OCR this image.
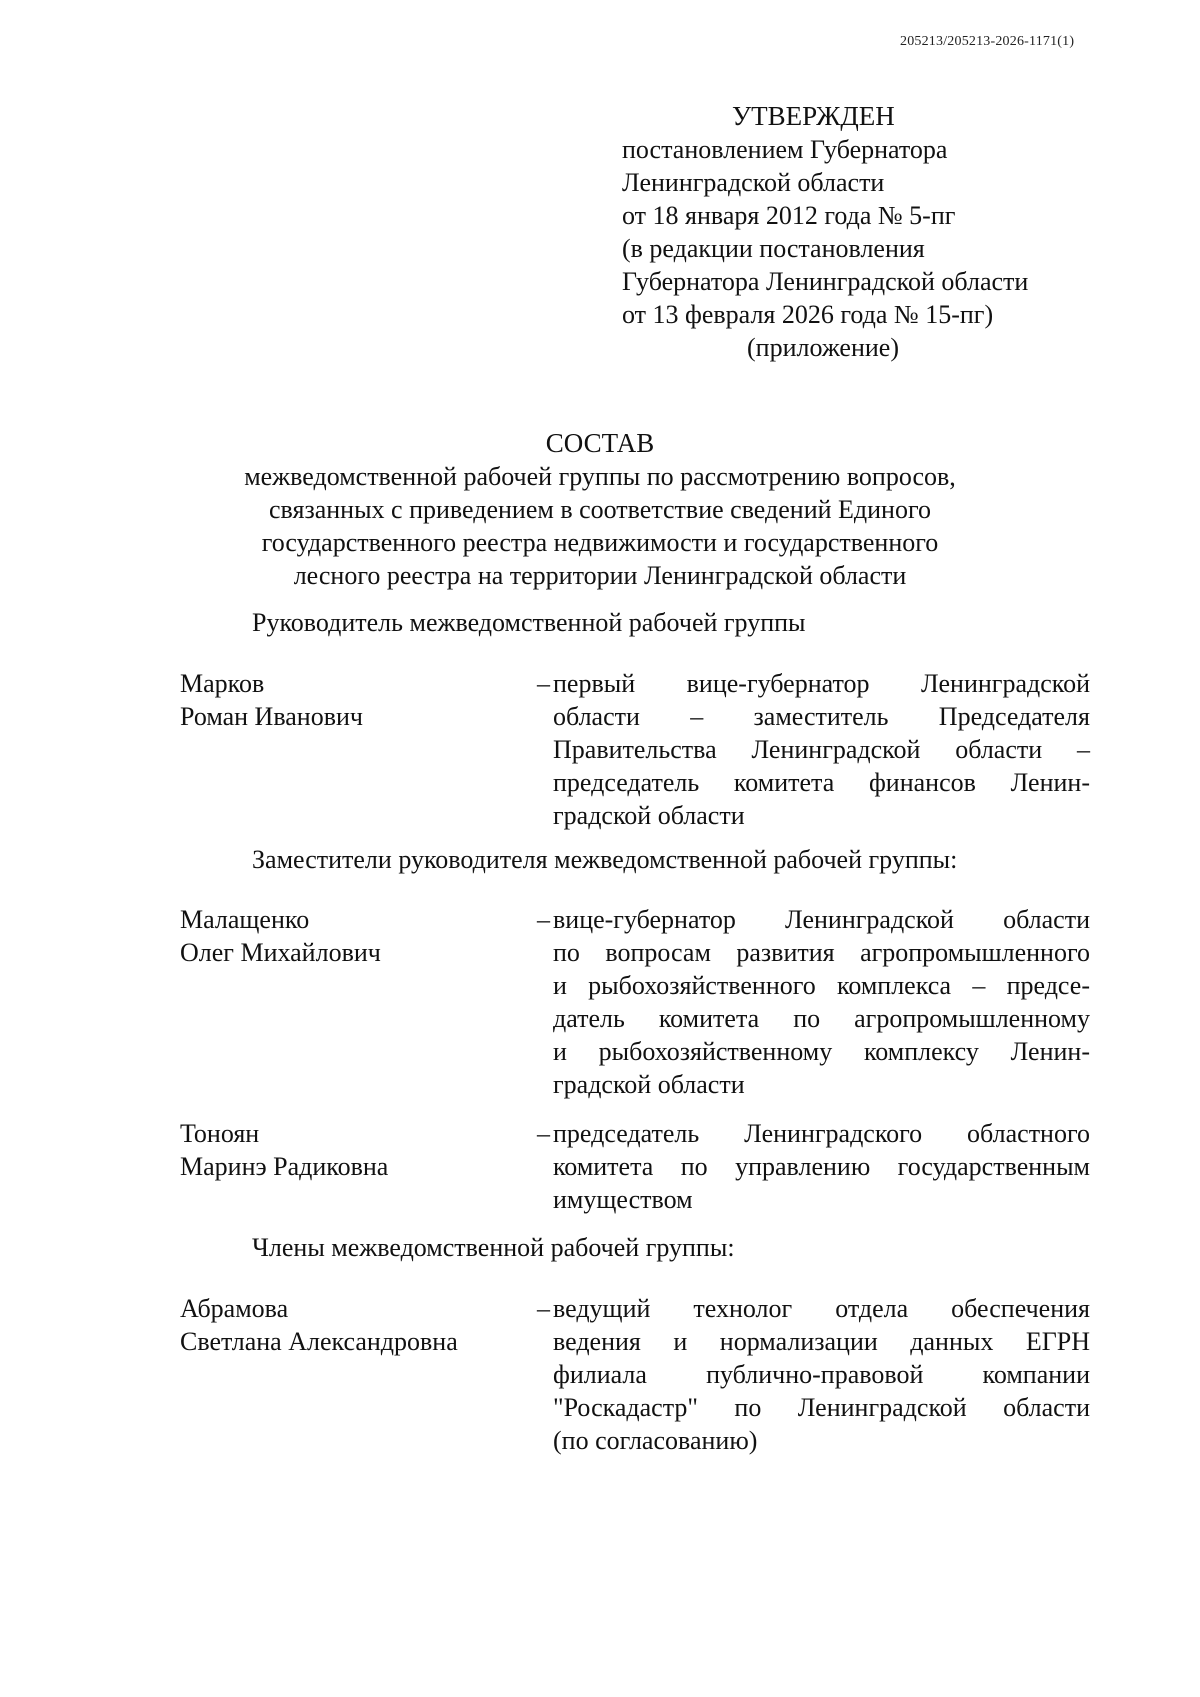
205213/205213-2026-1171(1)
УТВЕРЖДЕН
постановлением Губернатора
Ленинградской области
от 18 января 2012 года № 5-пг
(в редакции постановления
Губернатора Ленинградской области
от 13 февраля 2026 года № 15-пг)
(приложение)
СОСТАВ
межведомственной рабочей группы по рассмотрению вопросов,
связанных с приведением в соответствие сведений Единого
государственного реестра недвижимости и государственного
лесного реестра на территории Ленинградской области
Руководитель межведомственной рабочей группы
Марков
Роман Иванович
– первый вице-губернатор Ленинградской
области – заместитель Председателя
Правительства Ленинградской области –
председатель комитета финансов Ленин-
градской области
Заместители руководителя межведомственной рабочей группы:
Малащенко
Олег Михайлович
– вице-губернатор Ленинградской области
по вопросам развития агропромышленного
и рыбохозяйственного комплекса – предсе-
датель комитета по агропромышленному
и рыбохозяйственному комплексу Ленин-
градской области
Тоноян
Маринэ Радиковна
– председатель Ленинградского областного
комитета по управлению государственным
имуществом
Члены межведомственной рабочей группы:
Абрамова
Светлана Александровна
– ведущий технолог отдела обеспечения
ведения и нормализации данных ЕГРН
филиала публично-правовой компании
"Роскадастр" по Ленинградской области
(по согласованию)
